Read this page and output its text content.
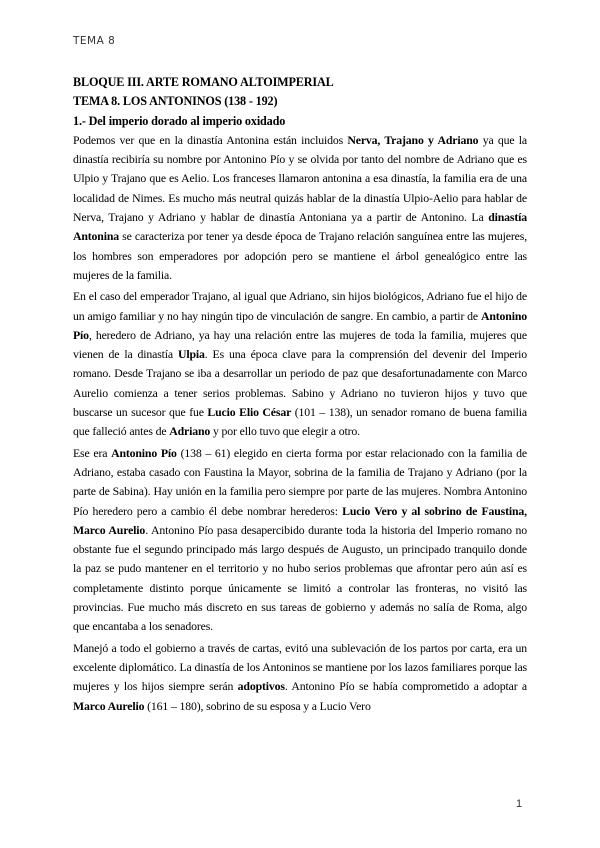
TEMA 8
BLOQUE III. ARTE ROMANO ALTOIMPERIAL
TEMA 8. LOS ANTONINOS (138 - 192)
1.- Del imperio dorado al imperio oxidado

Podemos ver que en la dinastía Antonina están incluidos Nerva, Trajano y Adriano ya que la dinastía recibiría su nombre por Antonino Pío y se olvida por tanto del nombre de Adriano que es Ulpio y Trajano que es Aelio. Los franceses llamaron antonina a esa dinastía, la familia era de una localidad de Nimes. Es mucho más neutral quizás hablar de la dinastía Ulpio-Aelio para hablar de Nerva, Trajano y Adriano y hablar de dinastía Antoniana ya a partir de Antonino. La dinastía Antonina se caracteriza por tener ya desde época de Trajano relación sanguínea entre las mujeres, los hombres son emperadores por adopción pero se mantiene el árbol genealógico entre las mujeres de la familia.

En el caso del emperador Trajano, al igual que Adriano, sin hijos biológicos, Adriano fue el hijo de un amigo familiar y no hay ningún tipo de vinculación de sangre. En cambio, a partir de Antonino Pío, heredero de Adriano, ya hay una relación entre las mujeres de toda la familia, mujeres que vienen de la dinastía Ulpia. Es una época clave para la comprensión del devenir del Imperio romano. Desde Trajano se iba a desarrollar un periodo de paz que desafortunadamente con Marco Aurelio comienza a tener serios problemas. Sabino y Adriano no tuvieron hijos y tuvo que buscarse un sucesor que fue Lucio Elio César (101 – 138), un senador romano de buena familia que falleció antes de Adriano y por ello tuvo que elegir a otro.

Ese era Antonino Pío (138 – 61) elegido en cierta forma por estar relacionado con la familia de Adriano, estaba casado con Faustina la Mayor, sobrina de la familia de Trajano y Adriano (por la parte de Sabina). Hay unión en la familia pero siempre por parte de las mujeres. Nombra Antonino Pío heredero pero a cambio él debe nombrar herederos: Lucio Vero y al sobrino de Faustina, Marco Aurelio. Antonino Pío pasa desapercibido durante toda la historia del Imperio romano no obstante fue el segundo principado más largo después de Augusto, un principado tranquilo donde la paz se pudo mantener en el territorio y no hubo serios problemas que afrontar pero aún así es completamente distinto porque únicamente se limitó a controlar las fronteras, no visitó las provincias. Fue mucho más discreto en sus tareas de gobierno y además no salía de Roma, algo que encantaba a los senadores.

Manejó a todo el gobierno a través de cartas, evitó una sublevación de los partos por carta, era un excelente diplomático. La dinastía de los Antoninos se mantiene por los lazos familiares porque las mujeres y los hijos siempre serán adoptivos. Antonino Pío se había comprometido a adoptar a Marco Aurelio (161 – 180), sobrino de su esposa y a Lucio Vero

1
